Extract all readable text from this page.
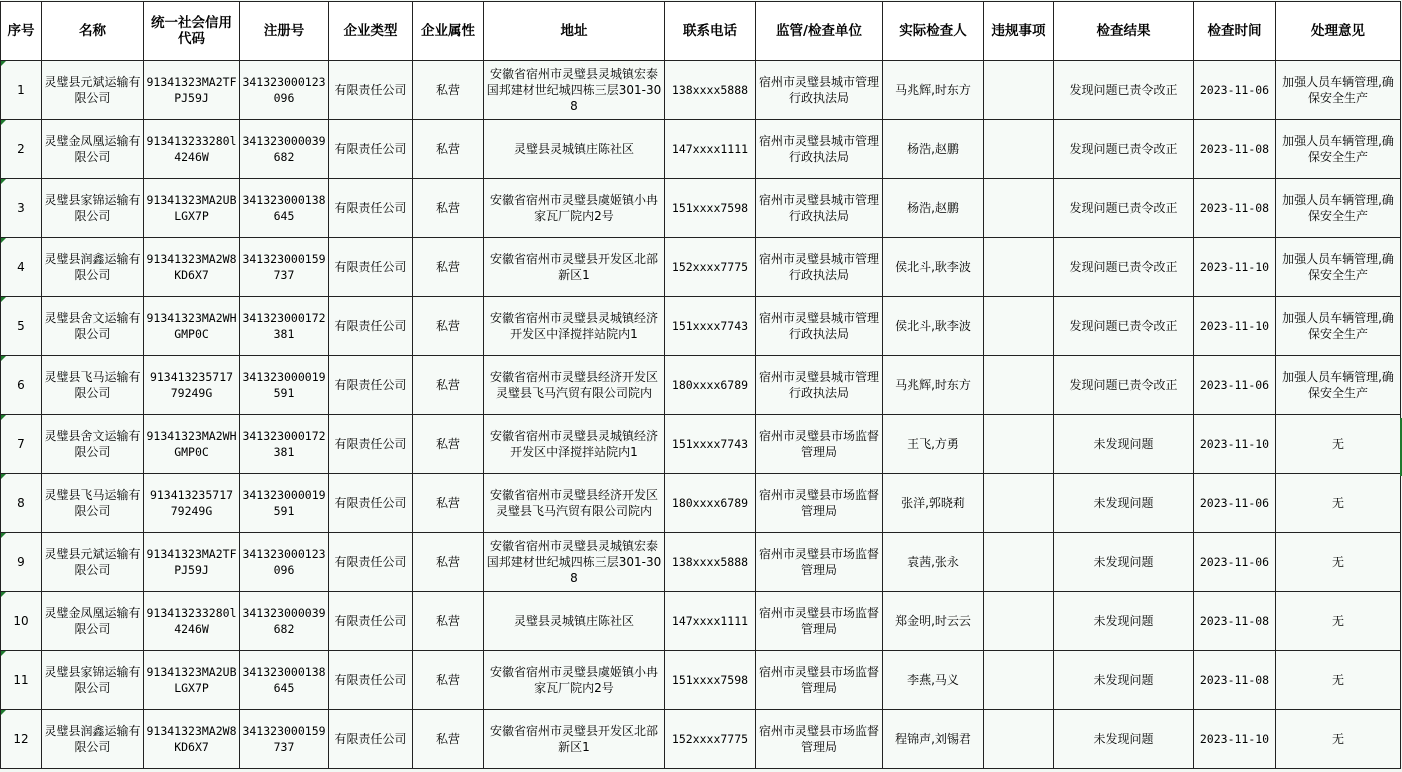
序号	名称	统一社会信用代码	注册号	企业类型	企业属性	地址	联系电话	监管/检查单位	实际检查人	违规事项	检查结果	检查时间	处理意见
1	灵璧县元斌运输有限公司	91341323MA2TFPJ59J	341323000123096	有限责任公司	私营	安徽省宿州市灵璧县灵城镇宏泰国邦建材世纪城四栋三层301-308	138xxxx5888	宿州市灵璧县城市管理行政执法局	马兆辉,时东方		发现问题已责令改正	2023-11-06	加强人员车辆管理,确保安全生产
2	灵璧金凤凰运输有限公司	913413233280l4246W	341323000039682	有限责任公司	私营	灵璧县灵城镇庄陈社区	147xxxx1111	宿州市灵璧县城市管理行政执法局	杨浩,赵鹏		发现问题已责令改正	2023-11-08	加强人员车辆管理,确保安全生产
3	灵璧县家锦运输有限公司	91341323MA2UBLGX7P	341323000138645	有限责任公司	私营	安徽省宿州市灵璧县虞姬镇小冉家瓦厂院内2号	151xxxx7598	宿州市灵璧县城市管理行政执法局	杨浩,赵鹏		发现问题已责令改正	2023-11-08	加强人员车辆管理,确保安全生产
4	灵璧县润鑫运输有限公司	91341323MA2W8KD6X7	341323000159737	有限责任公司	私营	安徽省宿州市灵璧县开发区北部新区1	152xxxx7775	宿州市灵璧县城市管理行政执法局	侯北斗,耿李波		发现问题已责令改正	2023-11-10	加强人员车辆管理,确保安全生产
5	灵璧县舍文运输有限公司	91341323MA2WHGMP0C	341323000172381	有限责任公司	私营	安徽省宿州市灵璧县灵城镇经济开发区中泽搅拌站院内1	151xxxx7743	宿州市灵璧县城市管理行政执法局	侯北斗,耿李波		发现问题已责令改正	2023-11-10	加强人员车辆管理,确保安全生产
6	灵璧县飞马运输有限公司	913413235717 79249G	341323000019591	有限责任公司	私营	安徽省宿州市灵璧县经济开发区灵璧县飞马汽贸有限公司院内	180xxxx6789	宿州市灵璧县城市管理行政执法局	马兆辉,时东方		发现问题已责令改正	2023-11-06	加强人员车辆管理,确保安全生产
7	灵璧县舍文运输有限公司	91341323MA2WHGMP0C	341323000172381	有限责任公司	私营	安徽省宿州市灵璧县灵城镇经济开发区中泽搅拌站院内1	151xxxx7743	宿州市灵璧县市场监督管理局	王飞,方勇		未发现问题	2023-11-10	无
8	灵璧县飞马运输有限公司	913413235717 79249G	341323000019591	有限责任公司	私营	安徽省宿州市灵璧县经济开发区灵璧县飞马汽贸有限公司院内	180xxxx6789	宿州市灵璧县市场监督管理局	张洋,郭晓莉		未发现问题	2023-11-06	无
9	灵璧县元斌运输有限公司	91341323MA2TFPJ59J	341323000123096	有限责任公司	私营	安徽省宿州市灵璧县灵城镇宏泰国邦建材世纪城四栋三层301-308	138xxxx5888	宿州市灵璧县市场监督管理局	袁茜,张永		未发现问题	2023-11-06	无
10	灵璧金凤凰运输有限公司	913413233280l4246W	341323000039682	有限责任公司	私营	灵璧县灵城镇庄陈社区	147xxxx1111	宿州市灵璧县市场监督管理局	郑金明,时云云		未发现问题	2023-11-08	无
11	灵璧县家锦运输有限公司	91341323MA2UBLGX7P	341323000138645	有限责任公司	私营	安徽省宿州市灵璧县虞姬镇小冉家瓦厂院内2号	151xxxx7598	宿州市灵璧县市场监督管理局	李燕,马义		未发现问题	2023-11-08	无
12	灵璧县润鑫运输有限公司	91341323MA2W8KD6X7	341323000159737	有限责任公司	私营	安徽省宿州市灵璧县开发区北部新区1	152xxxx7775	宿州市灵璧县市场监督管理局	程锦声,刘锡君		未发现问题	2023-11-10	无
